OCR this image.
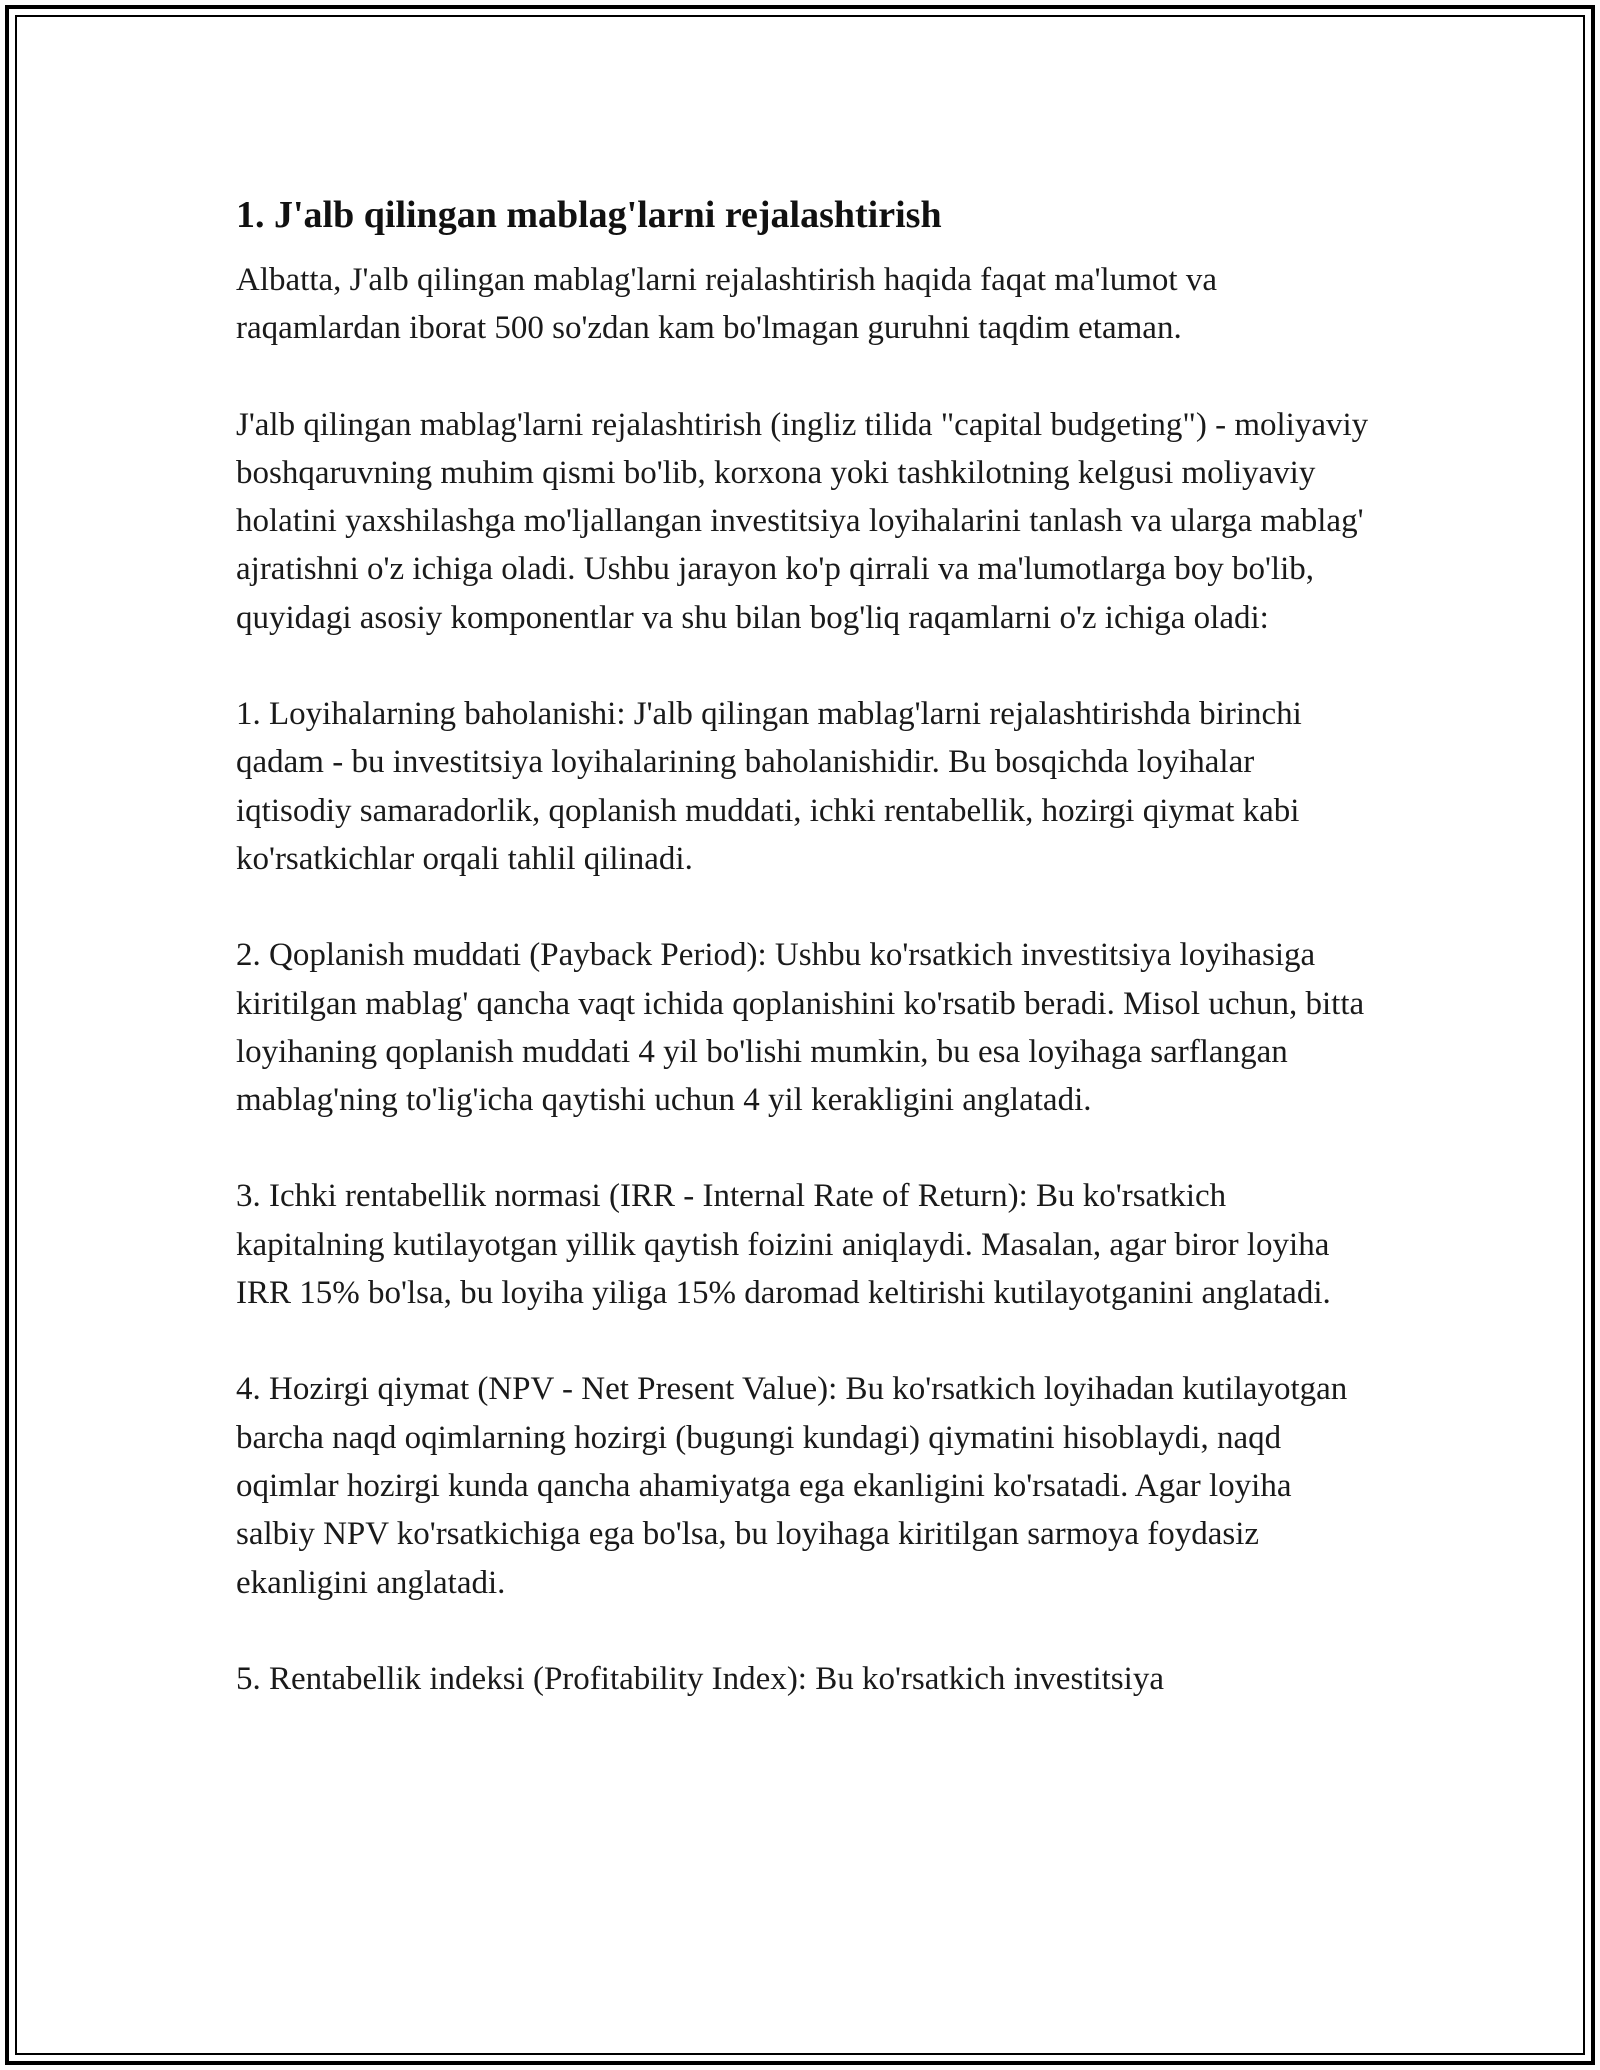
1. J'alb qilingan mablag'larni rejalashtirish

Albatta, J'alb qilingan mablag'larni rejalashtirish haqida faqat ma'lumot va raqamlardan iborat 500 so'zdan kam bo'lmagan guruhni taqdim etaman.

J'alb qilingan mablag'larni rejalashtirish (ingliz tilida "capital budgeting") - moliyaviy boshqaruvning muhim qismi bo'lib, korxona yoki tashkilotning kelgusi moliyaviy holatini yaxshilashga mo'ljallangan investitsiya loyihalarini tanlash va ularga mablag' ajratishni o'z ichiga oladi. Ushbu jarayon ko'p qirrali va ma'lumotlarga boy bo'lib, quyidagi asosiy komponentlar va shu bilan bog'liq raqamlarni o'z ichiga oladi:

1. Loyihalarning baholanishi: J'alb qilingan mablag'larni rejalashtirishda birinchi qadam - bu investitsiya loyihalarining baholanishidir. Bu bosqichda loyihalar iqtisodiy samaradorlik, qoplanish muddati, ichki rentabellik, hozirgi qiymat kabi ko'rsatkichlar orqali tahlil qilinadi.

2. Qoplanish muddati (Payback Period): Ushbu ko'rsatkich investitsiya loyihasiga kiritilgan mablag' qancha vaqt ichida qoplanishini ko'rsatib beradi. Misol uchun, bitta loyihaning qoplanish muddati 4 yil bo'lishi mumkin, bu esa loyihaga sarflangan mablag'ning to'lig'icha qaytishi uchun 4 yil kerakligini anglatadi.

3. Ichki rentabellik normasi (IRR - Internal Rate of Return): Bu ko'rsatkich kapitalning kutilayotgan yillik qaytish foizini aniqlaydi. Masalan, agar biror loyiha IRR 15% bo'lsa, bu loyiha yiliga 15% daromad keltirishi kutilayotganini anglatadi.

4. Hozirgi qiymat (NPV - Net Present Value): Bu ko'rsatkich loyihadan kutilayotgan barcha naqd oqimlarning hozirgi (bugungi kundagi) qiymatini hisoblaydi, naqd oqimlar hozirgi kunda qancha ahamiyatga ega ekanligini ko'rsatadi. Agar loyiha salbiy NPV ko'rsatkichiga ega bo'lsa, bu loyihaga kiritilgan sarmoya foydasiz ekanligini anglatadi.

5. Rentabellik indeksi (Profitability Index): Bu ko'rsatkich investitsiya
